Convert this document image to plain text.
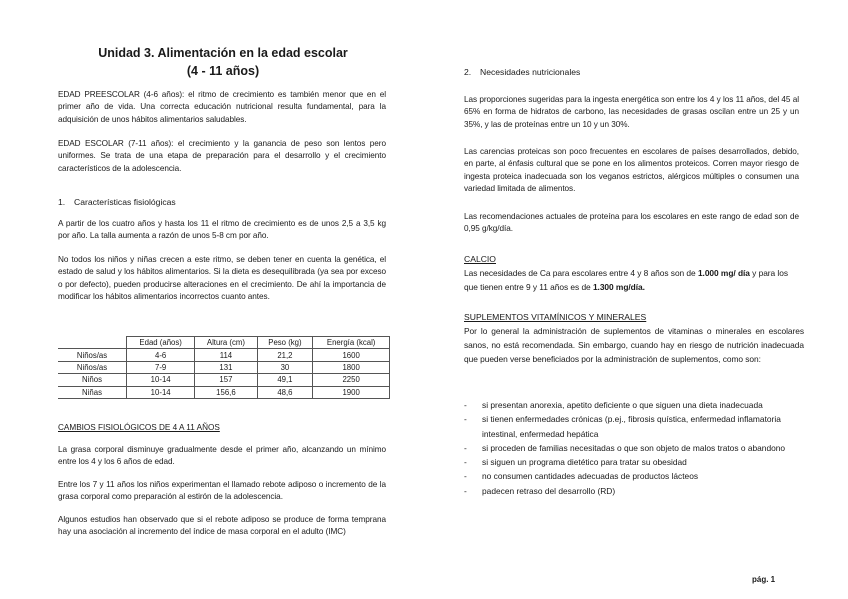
Unidad 3. Alimentación en la edad escolar
(4 - 11 años)

EDAD PREESCOLAR (4-6 años): el ritmo de crecimiento es también menor que en el primer año de vida. Una correcta educación nutricional resulta fundamental, para la adquisición de unos hábitos alimentarios saludables.

EDAD ESCOLAR (7-11 años): el crecimiento y la ganancia de peso son lentos pero uniformes. Se trata de una etapa de preparación para el desarrollo y el crecimiento característicos de la adolescencia.

1. Características fisiológicas

A partir de los cuatro años y hasta los 11 el ritmo de crecimiento es de unos 2,5 a 3,5 kg por año. La talla aumenta a razón de unos 5-8 cm por año.

No todos los niños y niñas crecen a este ritmo, se deben tener en cuenta la genética, el estado de salud y los hábitos alimentarios. Si la dieta es desequilibrada (ya sea por exceso o por defecto), pueden producirse alteraciones en el crecimiento. De ahí la importancia de modificar los hábitos alimentarios incorrectos cuanto antes.

	Edad (años)	Altura (cm)	Peso (kg)	Energía (kcal)
Niños/as	4-6	114	21,2	1600
Niños/as	7-9	131	30	1800
Niños	10-14	157	49,1	2250
Niñas	10-14	156,6	48,6	1900
CAMBIOS FISIOLÓGICOS DE 4 A 11 AÑOS

La grasa corporal disminuye gradualmente desde el primer año, alcanzando un mínimo entre los 4 y los 6 años de edad.

Entre los 7 y 11 años los niños experimentan el llamado rebote adiposo o incremento de la grasa corporal como preparación al estirón de la adolescencia.

Algunos estudios han observado que si el rebote adiposo se produce de forma temprana hay una asociación al incremento del índice de masa corporal en el adulto (IMC)

2. Necesidades nutricionales

Las proporciones sugeridas para la ingesta energética son entre los 4 y los 11 años, del 45 al 65% en forma de hidratos de carbono, las necesidades de grasas oscilan entre un 25 y un 35%, y las de proteínas entre un 10 y un 30%.

Las carencias proteicas son poco frecuentes en escolares de países desarrollados, debido, en parte, al énfasis cultural que se pone en los alimentos proteicos. Corren mayor riesgo de ingesta proteica inadecuada son los veganos estrictos, alérgicos múltiples o consumen una variedad limitada de alimentos.

Las recomendaciones actuales de proteína para los escolares en este rango de edad son de 0,95 g/kg/día.

CALCIO

Las necesidades de Ca para escolares entre 4 y 8 años son de 1.000 mg/ día y para los que tienen entre 9 y 11 años es de 1.300 mg/día.

SUPLEMENTOS VITAMÍNICOS Y MINERALES

Por lo general la administración de suplementos de vitaminas o minerales en escolares sanos, no está recomendada. Sin embargo, cuando hay en riesgo de nutrición inadecuada que pueden verse beneficiados por la administración de suplementos, como son:

- si presentan anorexia, apetito deficiente o que siguen una dieta inadecuada
- si tienen enfermedades crónicas (p.ej., fibrosis quística, enfermedad inflamatoria intestinal, enfermedad hepática
- si proceden de familias necesitadas o que son objeto de malos tratos o abandono
- si siguen un programa dietético para tratar su obesidad
- no consumen cantidades adecuadas de productos lácteos
- padecen retraso del desarrollo (RD)
pág. 1
